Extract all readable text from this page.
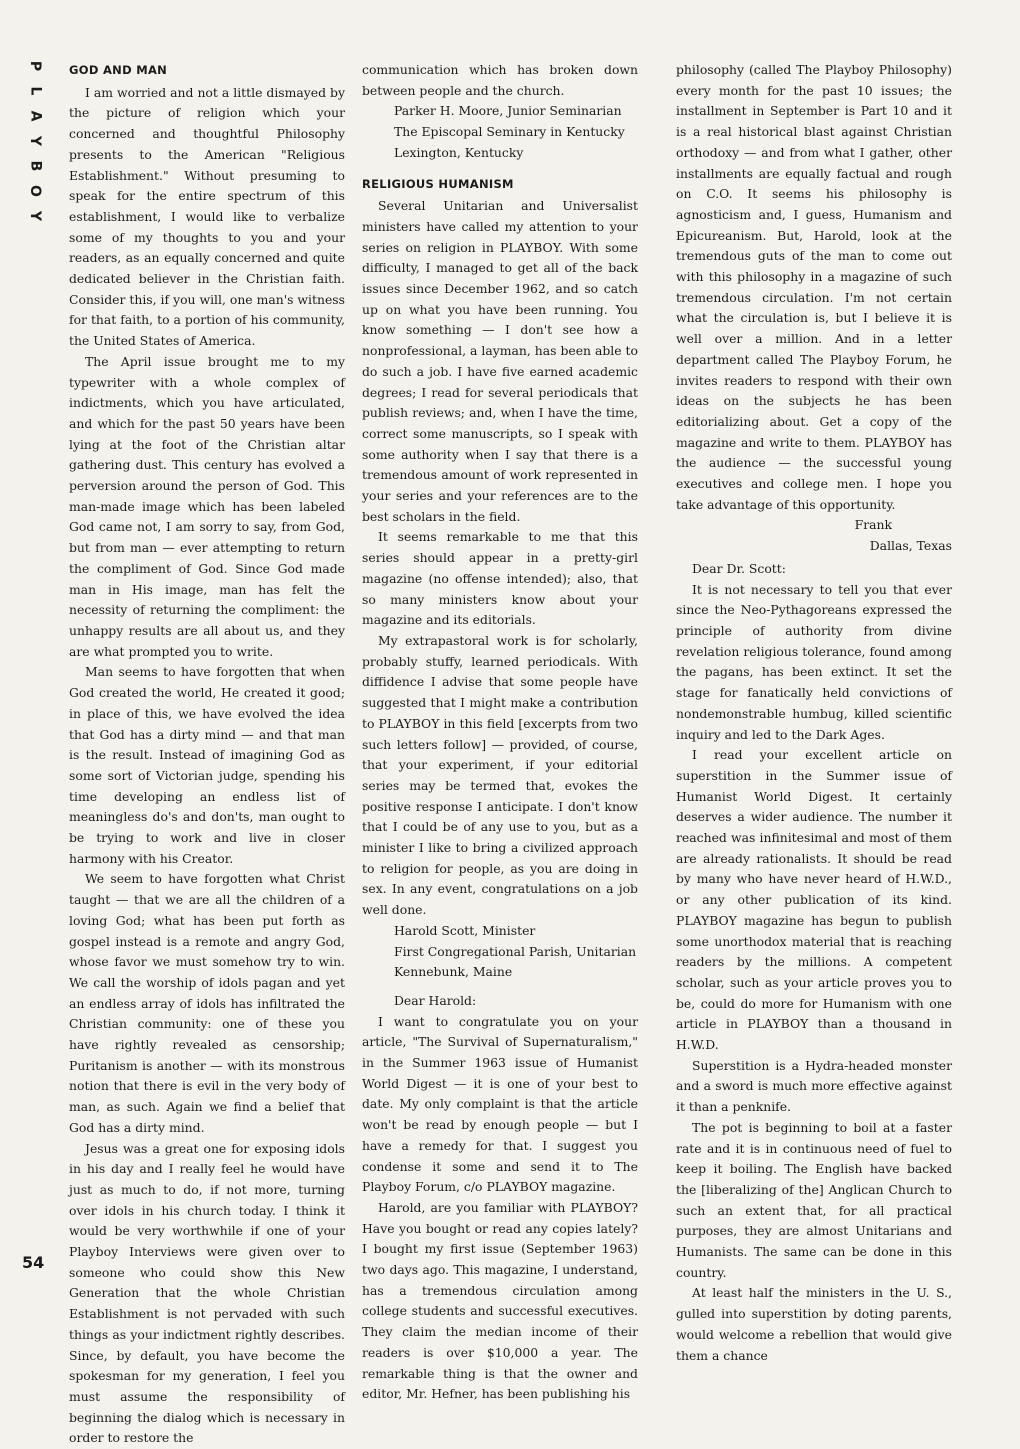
P
L
A
Y
B
O
Y
54
GOD AND MAN

I am worried and not a little dismayed by the picture of religion which your concerned and thoughtful Philosophy presents to the American "Religious Establishment." Without presuming to speak for the entire spectrum of this establishment, I would like to verbalize some of my thoughts to you and your readers, as an equally concerned and quite dedicated believer in the Christian faith. Consider this, if you will, one man's witness for that faith, to a portion of his community, the United States of America.

The April issue brought me to my typewriter with a whole complex of indictments, which you have articulated, and which for the past 50 years have been lying at the foot of the Christian altar gathering dust. This century has evolved a perversion around the person of God. This man-made image which has been labeled God came not, I am sorry to say, from God, but from man — ever attempting to return the compliment of God. Since God made man in His image, man has felt the necessity of returning the compliment: the unhappy results are all about us, and they are what prompted you to write.

Man seems to have forgotten that when God created the world, He created it good; in place of this, we have evolved the idea that God has a dirty mind — and that man is the result. Instead of imagining God as some sort of Victorian judge, spending his time developing an endless list of meaningless do's and don'ts, man ought to be trying to work and live in closer harmony with his Creator.

We seem to have forgotten what Christ taught — that we are all the children of a loving God; what has been put forth as gospel instead is a remote and angry God, whose favor we must somehow try to win. We call the worship of idols pagan and yet an endless array of idols has infiltrated the Christian community: one of these you have rightly revealed as censorship; Puritanism is another — with its monstrous notion that there is evil in the very body of man, as such. Again we find a belief that God has a dirty mind.

Jesus was a great one for exposing idols in his day and I really feel he would have just as much to do, if not more, turning over idols in his church today. I think it would be very worthwhile if one of your Playboy Interviews were given over to someone who could show this New Generation that the whole Christian Establishment is not pervaded with such things as your indictment rightly describes. Since, by default, you have become the spokesman for my generation, I feel you must assume the responsibility of beginning the dialog which is necessary in order to restore the

communication which has broken down between people and the church.

Parker H. Moore, Junior Seminarian

The Episcopal Seminary in Kentucky

Lexington, Kentucky

RELIGIOUS HUMANISM

Several Unitarian and Universalist ministers have called my attention to your series on religion in PLAYBOY. With some difficulty, I managed to get all of the back issues since December 1962, and so catch up on what you have been running. You know something — I don't see how a nonprofessional, a layman, has been able to do such a job. I have five earned academic degrees; I read for several periodicals that publish reviews; and, when I have the time, correct some manuscripts, so I speak with some authority when I say that there is a tremendous amount of work represented in your series and your references are to the best scholars in the field.

It seems remarkable to me that this series should appear in a pretty-girl magazine (no offense intended); also, that so many ministers know about your magazine and its editorials.

My extrapastoral work is for scholarly, probably stuffy, learned periodicals. With diffidence I advise that some people have suggested that I might make a contribution to PLAYBOY in this field [excerpts from two such letters follow] — provided, of course, that your experiment, if your editorial series may be termed that, evokes the positive response I anticipate. I don't know that I could be of any use to you, but as a minister I like to bring a civilized approach to religion for people, as you are doing in sex. In any event, congratulations on a job well done.

Harold Scott, Minister

First Congregational Parish, Unitarian

Kennebunk, Maine

Dear Harold:

I want to congratulate you on your article, "The Survival of Supernaturalism," in the Summer 1963 issue of Humanist World Digest — it is one of your best to date. My only complaint is that the article won't be read by enough people — but I have a remedy for that. I suggest you condense it some and send it to The Playboy Forum, c/o PLAYBOY magazine.

Harold, are you familiar with PLAYBOY? Have you bought or read any copies lately? I bought my first issue (September 1963) two days ago. This magazine, I understand, has a tremendous circulation among college students and successful executives. They claim the median income of their readers is over $10,000 a year. The remarkable thing is that the owner and editor, Mr. Hefner, has been publishing his

philosophy (called The Playboy Philosophy) every month for the past 10 issues; the installment in September is Part 10 and it is a real historical blast against Christian orthodoxy — and from what I gather, other installments are equally factual and rough on C.O. It seems his philosophy is agnosticism and, I guess, Humanism and Epicureanism. But, Harold, look at the tremendous guts of the man to come out with this philosophy in a magazine of such tremendous circulation. I'm not certain what the circulation is, but I believe it is well over a million. And in a letter department called The Playboy Forum, he invites readers to respond with their own ideas on the subjects he has been editorializing about. Get a copy of the magazine and write to them. PLAYBOY has the audience — the successful young executives and college men. I hope you take advantage of this opportunity.

Frank

Dallas, Texas

Dear Dr. Scott:

It is not necessary to tell you that ever since the Neo-Pythagoreans expressed the principle of authority from divine revelation religious tolerance, found among the pagans, has been extinct. It set the stage for fanatically held convictions of nondemonstrable humbug, killed scientific inquiry and led to the Dark Ages.

I read your excellent article on superstition in the Summer issue of Humanist World Digest. It certainly deserves a wider audience. The number it reached was infinitesimal and most of them are already rationalists. It should be read by many who have never heard of H.W.D., or any other publication of its kind. PLAYBOY magazine has begun to publish some unorthodox material that is reaching readers by the millions. A competent scholar, such as your article proves you to be, could do more for Humanism with one article in PLAYBOY than a thousand in H.W.D.

Superstition is a Hydra-headed monster and a sword is much more effective against it than a penknife.

The pot is beginning to boil at a faster rate and it is in continuous need of fuel to keep it boiling. The English have backed the [liberalizing of the] Anglican Church to such an extent that, for all practical purposes, they are almost Unitarians and Humanists. The same can be done in this country.

At least half the ministers in the U. S., gulled into superstition by doting parents, would welcome a rebellion that would give them a chance
